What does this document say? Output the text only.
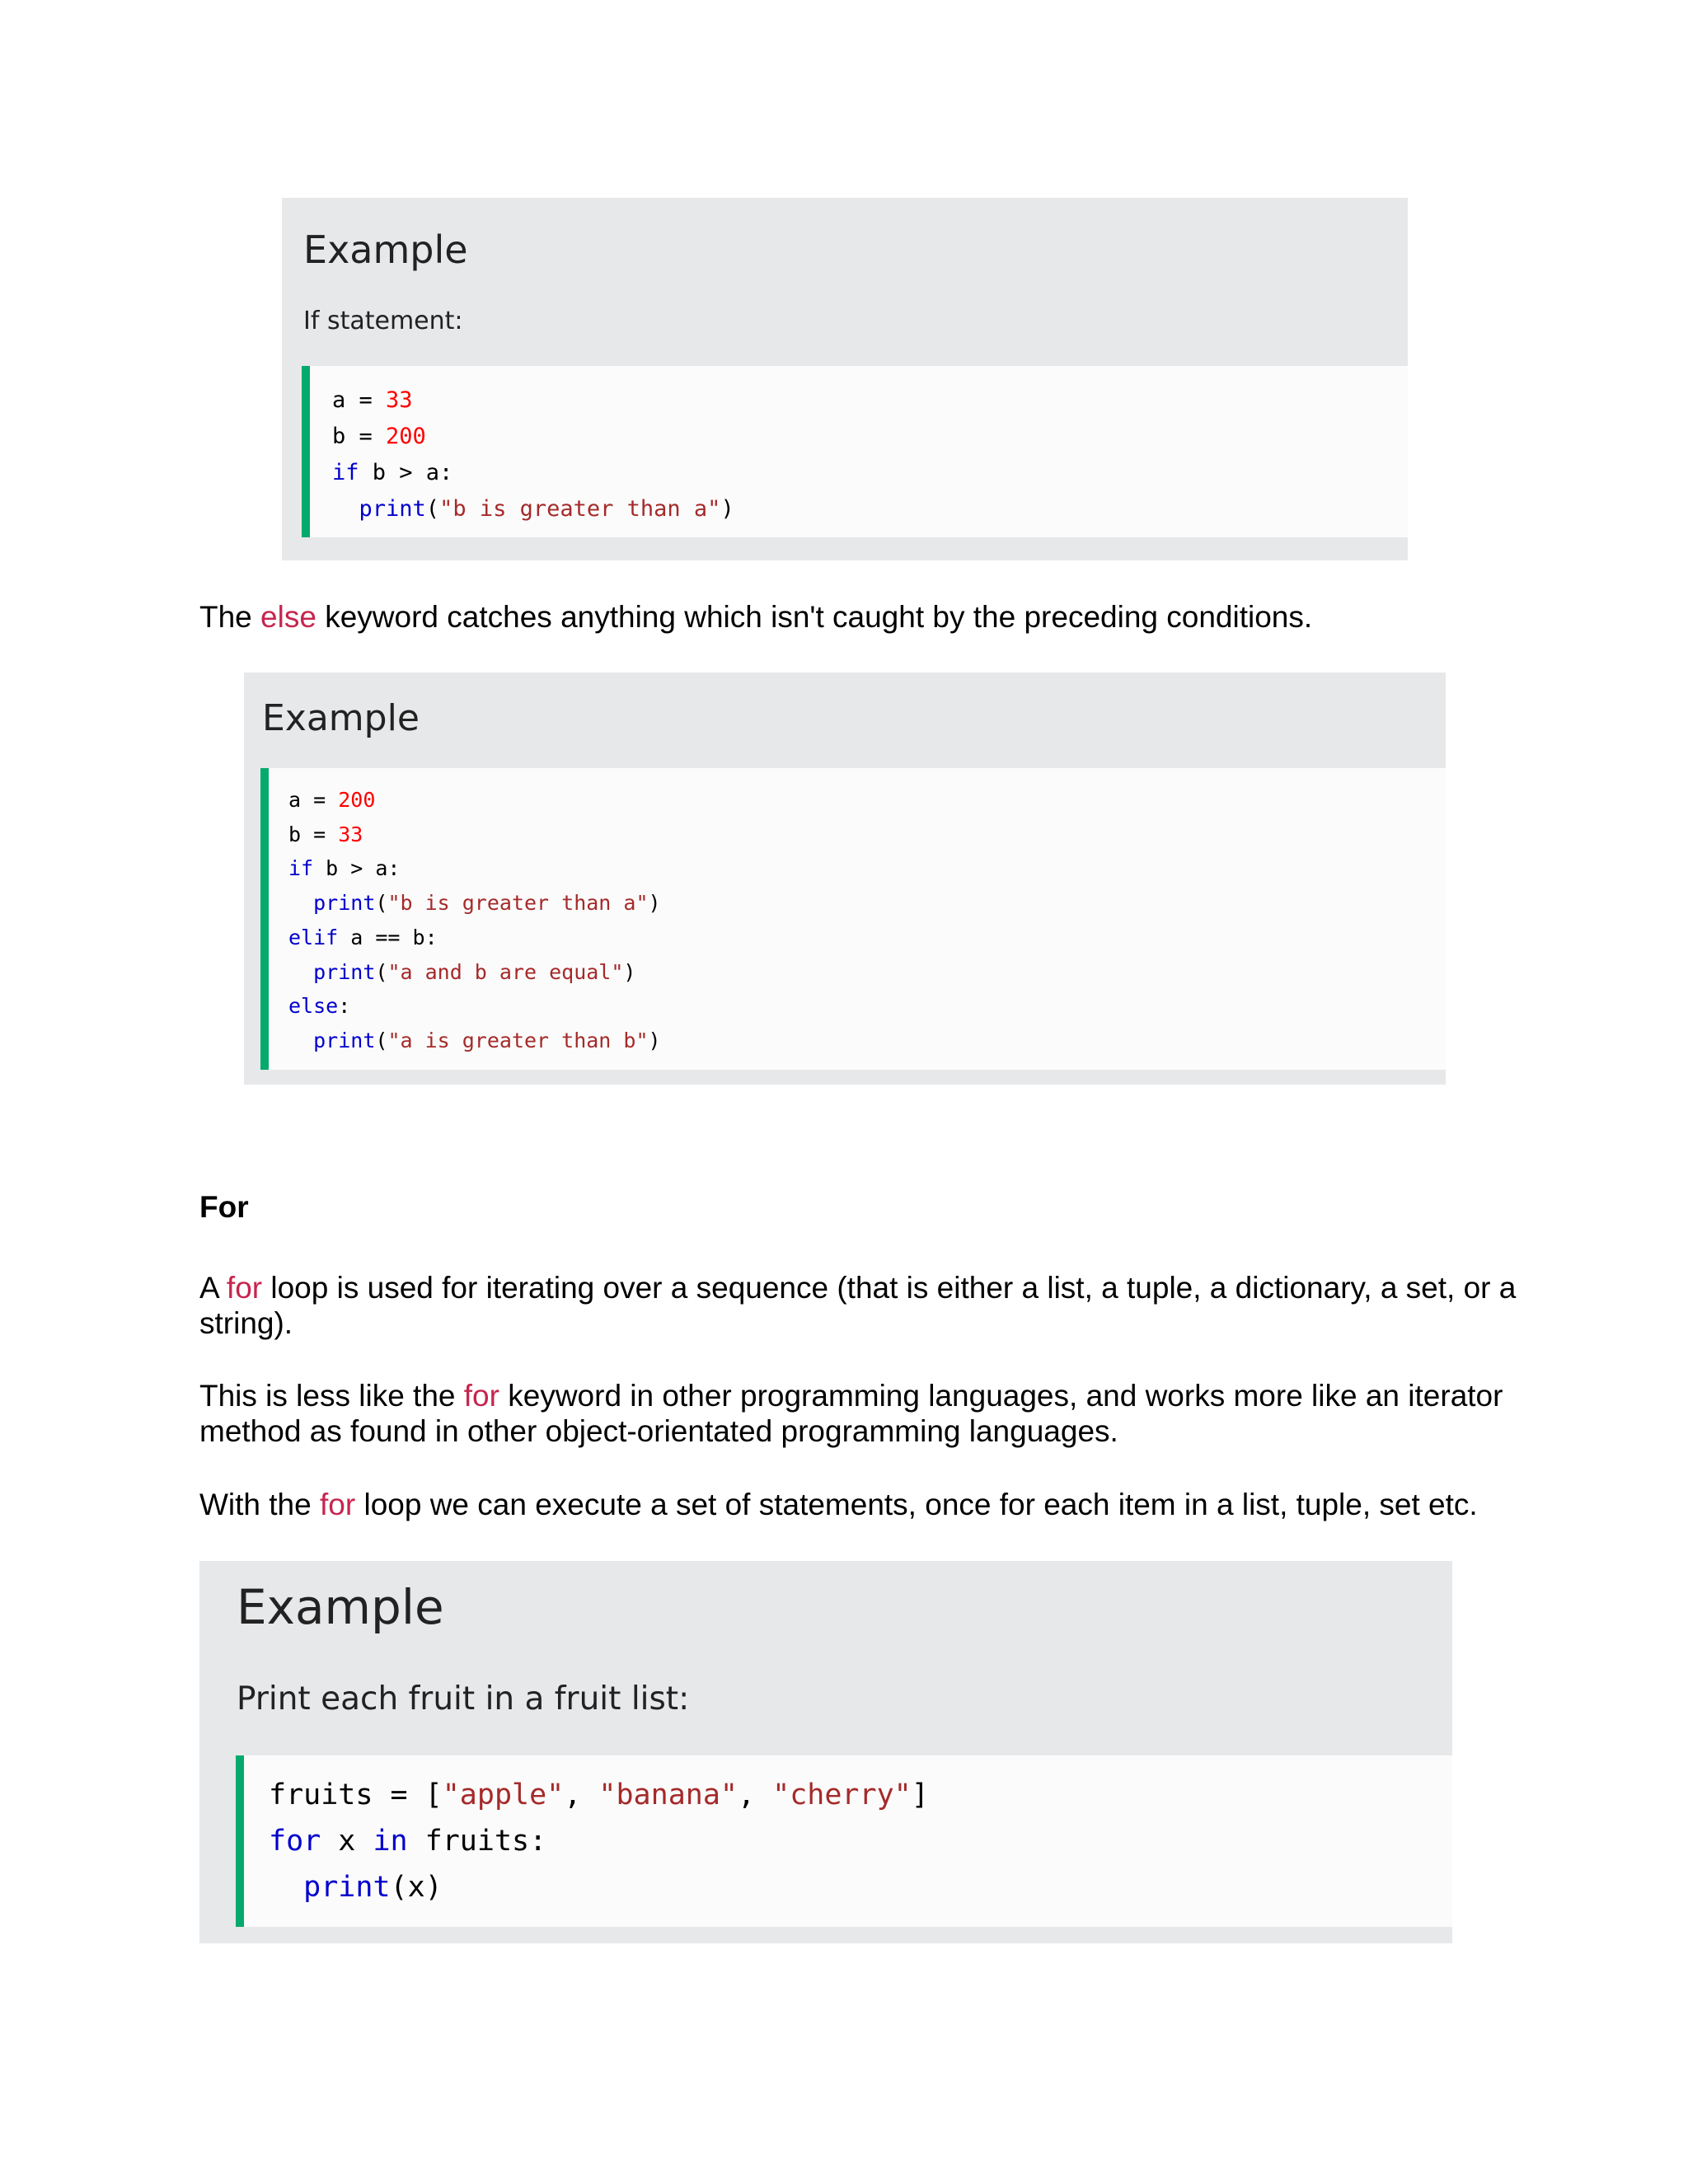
Example
If statement:
a = 33
b = 200
if b > a:
print("b is greater than a")
The else keyword catches anything which isn't caught by the preceding conditions.
Example
a = 200
b = 33
if b > a:
print("b is greater than a")
elif a == b:
print("a and b are equal")
else:
print("a is greater than b")
For
A for loop is used for iterating over a sequence (that is either a list, a tuple, a dictionary, a set, or a string).
This is less like the for keyword in other programming languages, and works more like an iterator method as found in other object-orientated programming languages.
With the for loop we can execute a set of statements, once for each item in a list, tuple, set etc.
Example
Print each fruit in a fruit list:
fruits = ["apple", "banana", "cherry"]
for x in fruits:
print(x)
